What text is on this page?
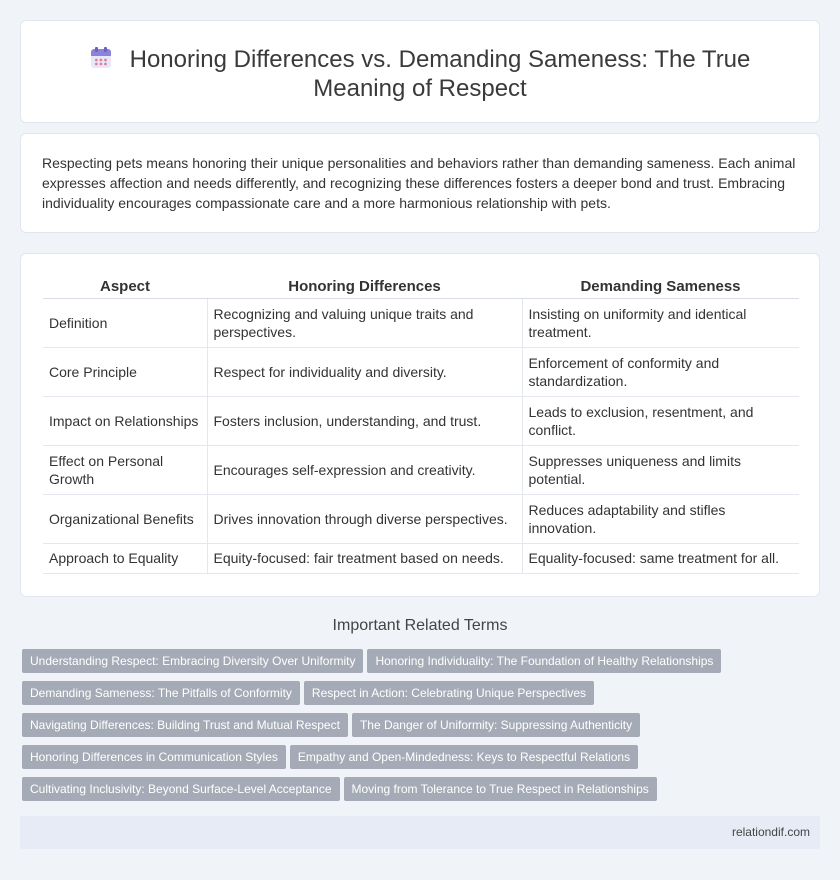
Honoring Differences vs. Demanding Sameness: The True
Meaning of Respect

Respecting pets means honoring their unique personalities and behaviors rather than demanding sameness. Each animal expresses affection and needs differently, and recognizing these differences fosters a deeper bond and trust. Embracing individuality encourages compassionate care and a more harmonious relationship with pets.

Aspect	Honoring Differences	Demanding Sameness
Definition	Recognizing and valuing unique traits and perspectives.	Insisting on uniformity and identical treatment.
Core Principle	Respect for individuality and diversity.	Enforcement of conformity and standardization.
Impact on Relationships	Fosters inclusion, understanding, and trust.	Leads to exclusion, resentment, and conflict.
Effect on Personal Growth	Encourages self-expression and creativity.	Suppresses uniqueness and limits potential.
Organizational Benefits	Drives innovation through diverse perspectives.	Reduces adaptability and stifles innovation.
Approach to Equality	Equity-focused: fair treatment based on needs.	Equality-focused: same treatment for all.
Important Related Terms
Understanding Respect: Embracing Diversity Over Uniformity Honoring Individuality: The Foundation of Healthy Relationships
Demanding Sameness: The Pitfalls of Conformity Respect in Action: Celebrating Unique Perspectives
Navigating Differences: Building Trust and Mutual Respect The Danger of Uniformity: Suppressing Authenticity
Honoring Differences in Communication Styles Empathy and Open-Mindedness: Keys to Respectful Relations
Cultivating Inclusivity: Beyond Surface-Level Acceptance Moving from Tolerance to True Respect in Relationships
relationdif.com
